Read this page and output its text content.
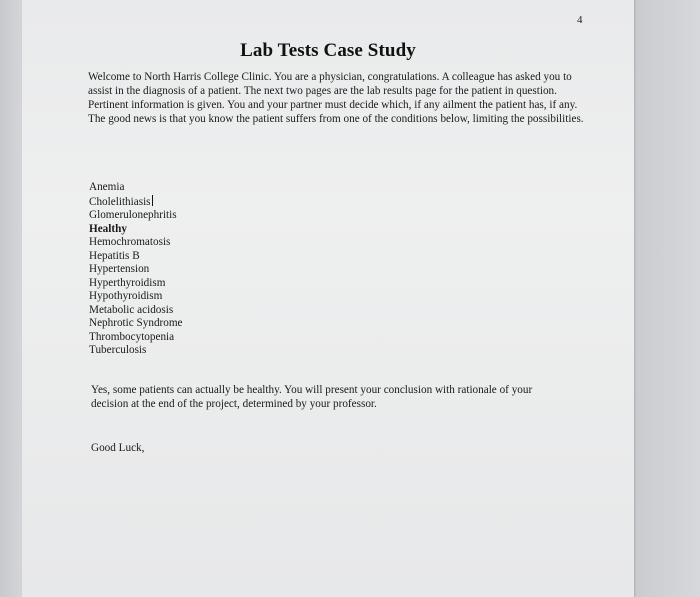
4
Lab Tests Case Study
Welcome to North Harris College Clinic. You are a physician, congratulations. A colleague has asked you to assist in the diagnosis of a patient. The next two pages are the lab results page for the patient in question. Pertinent information is given. You and your partner must decide which, if any ailment the patient has, if any. The good news is that you know the patient suffers from one of the conditions below, limiting the possibilities.
Anemia
Cholelithiasis
Glomerulonephritis
Healthy
Hemochromatosis
Hepatitis B
Hypertension
Hyperthyroidism
Hypothyroidism
Metabolic acidosis
Nephrotic Syndrome
Thrombocytopenia
Tuberculosis
Yes, some patients can actually be healthy. You will present your conclusion with rationale of your decision at the end of the project, determined by your professor.
Good Luck,
